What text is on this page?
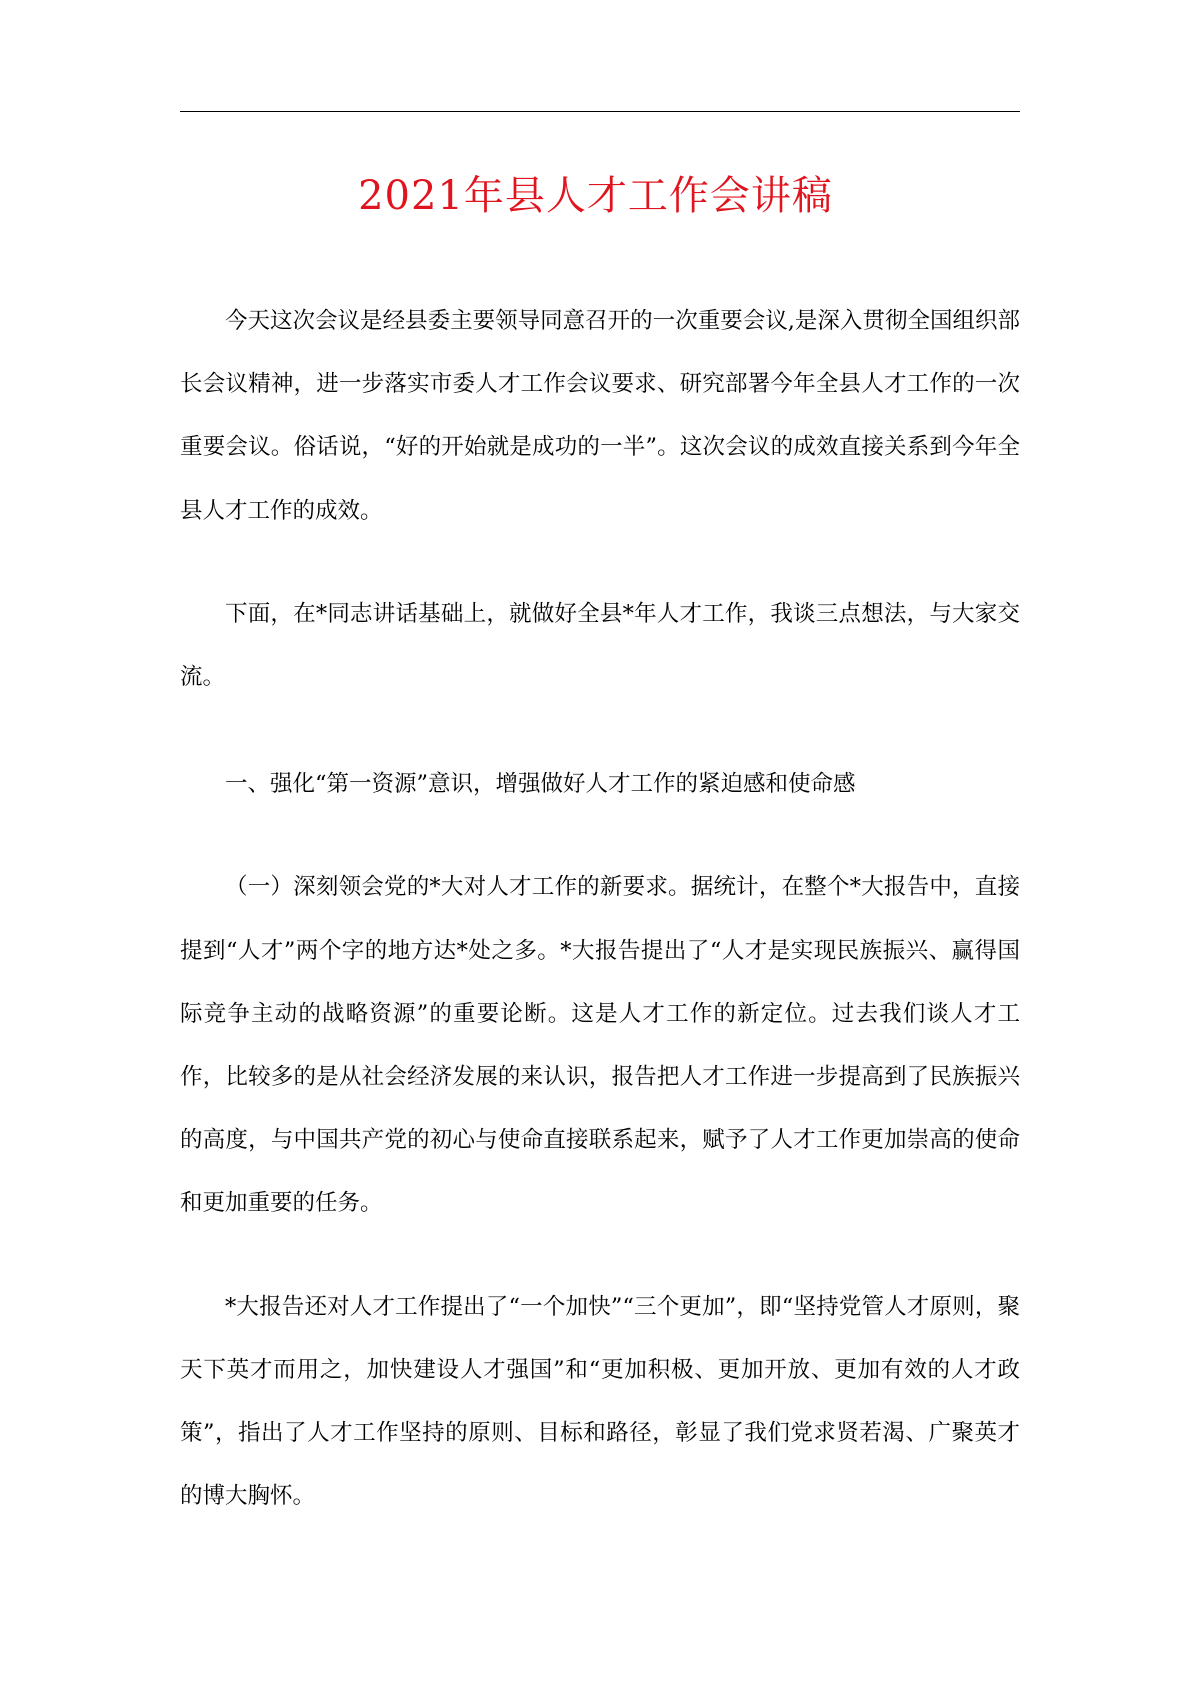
2021年县人才工作会讲稿

今天这次会议是经县委主要领导同意召开的一次重要会议,是深入贯彻全国组织部长会议精神，进一步落实市委人才工作会议要求、研究部署今年全县人才工作的一次重要会议。俗话说，“好的开始就是成功的一半”。这次会议的成效直接关系到今年全县人才工作的成效。

下面，在*同志讲话基础上，就做好全县*年人才工作，我谈三点想法，与大家交流。

一、强化“第一资源”意识，增强做好人才工作的紧迫感和使命感

（一）深刻领会党的*大对人才工作的新要求。据统计，在整个*大报告中，直接提到“人才”两个字的地方达*处之多。*大报告提出了“人才是实现民族振兴、赢得国际竞争主动的战略资源”的重要论断。这是人才工作的新定位。过去我们谈人才工作，比较多的是从社会经济发展的来认识，报告把人才工作进一步提高到了民族振兴的高度，与中国共产党的初心与使命直接联系起来，赋予了人才工作更加崇高的使命和更加重要的任务。

*大报告还对人才工作提出了“一个加快”“三个更加”，即“坚持党管人才原则，聚天下英才而用之，加快建设人才强国”和“更加积极、更加开放、更加有效的人才政策”，指出了人才工作坚持的原则、目标和路径，彰显了我们党求贤若渴、广聚英才的博大胸怀。
